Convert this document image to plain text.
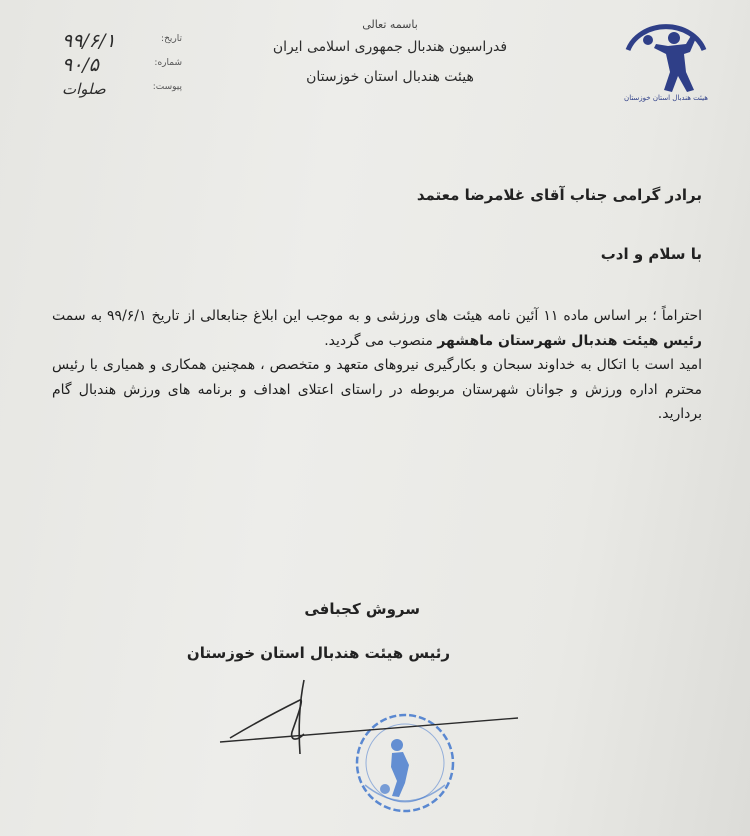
باسمه تعالی
فدراسیون هندبال جمهوری اسلامی ایران
هیئت هندبال استان خوزستان
تاریخ:
۹۹/۶/۱
شماره:
۹۰/۵
پیوست:
صلوات	هیئت هندبال استان خوزستان
برادر گرامی جناب آقای غلامرضا معتمد
با سلام و ادب

احتراماً ؛ بر اساس ماده ۱۱ آئین نامه هیئت های ورزشی و به موجب این ابلاغ جنابعالی از تاریخ ۹۹/۶/۱ به سمت رئیس هیئت هندبال شهرستان ماهشهر منصوب می گردید.

امید است با اتکال به خداوند سبحان و بکارگیری نیروهای متعهد و متخصص ، همچنین همکاری و همیاری با رئیس محترم اداره ورزش و جوانان شهرستان مربوطه در راستای اعتلای اهداف و برنامه های ورزش هندبال گام بردارید.

سروش کجبافی
رئیس هیئت هندبال استان خوزستان
